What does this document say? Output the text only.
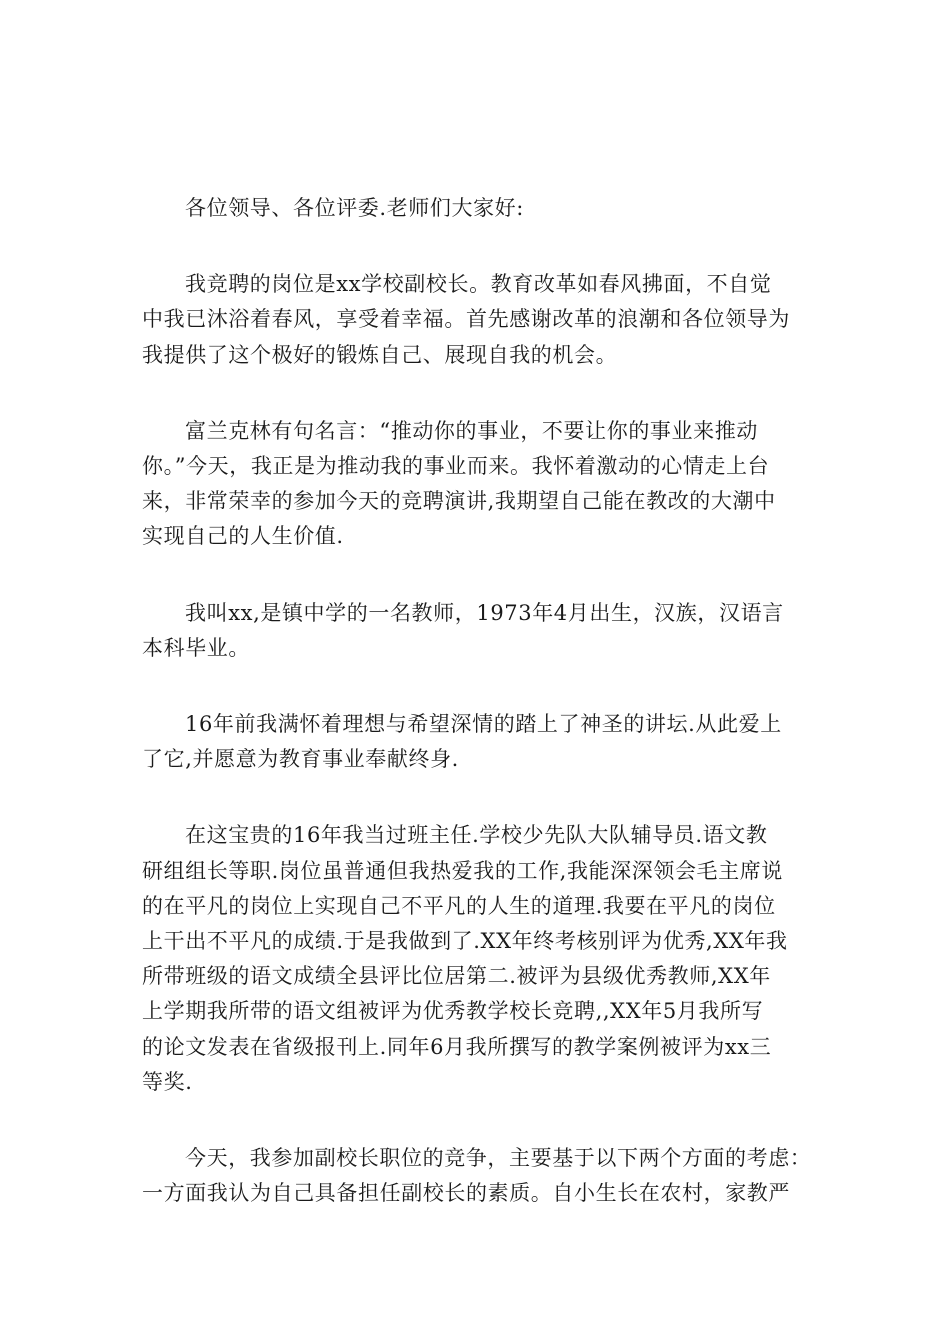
各位领导、各位评委.老师们大家好:

我竞聘的岗位是xx学校副校长。教育改革如春风拂面，不自觉
中我已沐浴着春风，享受着幸福。首先感谢改革的浪潮和各位领导为
我提供了这个极好的锻炼自己、展现自我的机会。

富兰克林有句名言：“推动你的事业，不要让你的事业来推动
你。”今天，我正是为推动我的事业而来。我怀着激动的心情走上台
来，非常荣幸的参加今天的竞聘演讲,我期望自己能在教改的大潮中
实现自己的人生价值.

我叫xx,是镇中学的一名教师，1973年4月出生，汉族，汉语言
本科毕业。

16年前我满怀着理想与希望深情的踏上了神圣的讲坛.从此爱上
了它,并愿意为教育事业奉献终身.

在这宝贵的16年我当过班主任.学校少先队大队辅导员.语文教
研组组长等职.岗位虽普通但我热爱我的工作,我能深深领会毛主席说
的在平凡的岗位上实现自己不平凡的人生的道理.我要在平凡的岗位
上干出不平凡的成绩.于是我做到了.XX年终考核别评为优秀,XX年我
所带班级的语文成绩全县评比位居第二.被评为县级优秀教师,XX年
上学期我所带的语文组被评为优秀教学校长竞聘,,XX年5月我所写
的论文发表在省级报刊上.同年6月我所撰写的教学案例被评为xx三
等奖.

今天，我参加副校长职位的竞争，主要基于以下两个方面的考虑：
一方面我认为自己具备担任副校长的素质。自小生长在农村，家教严
